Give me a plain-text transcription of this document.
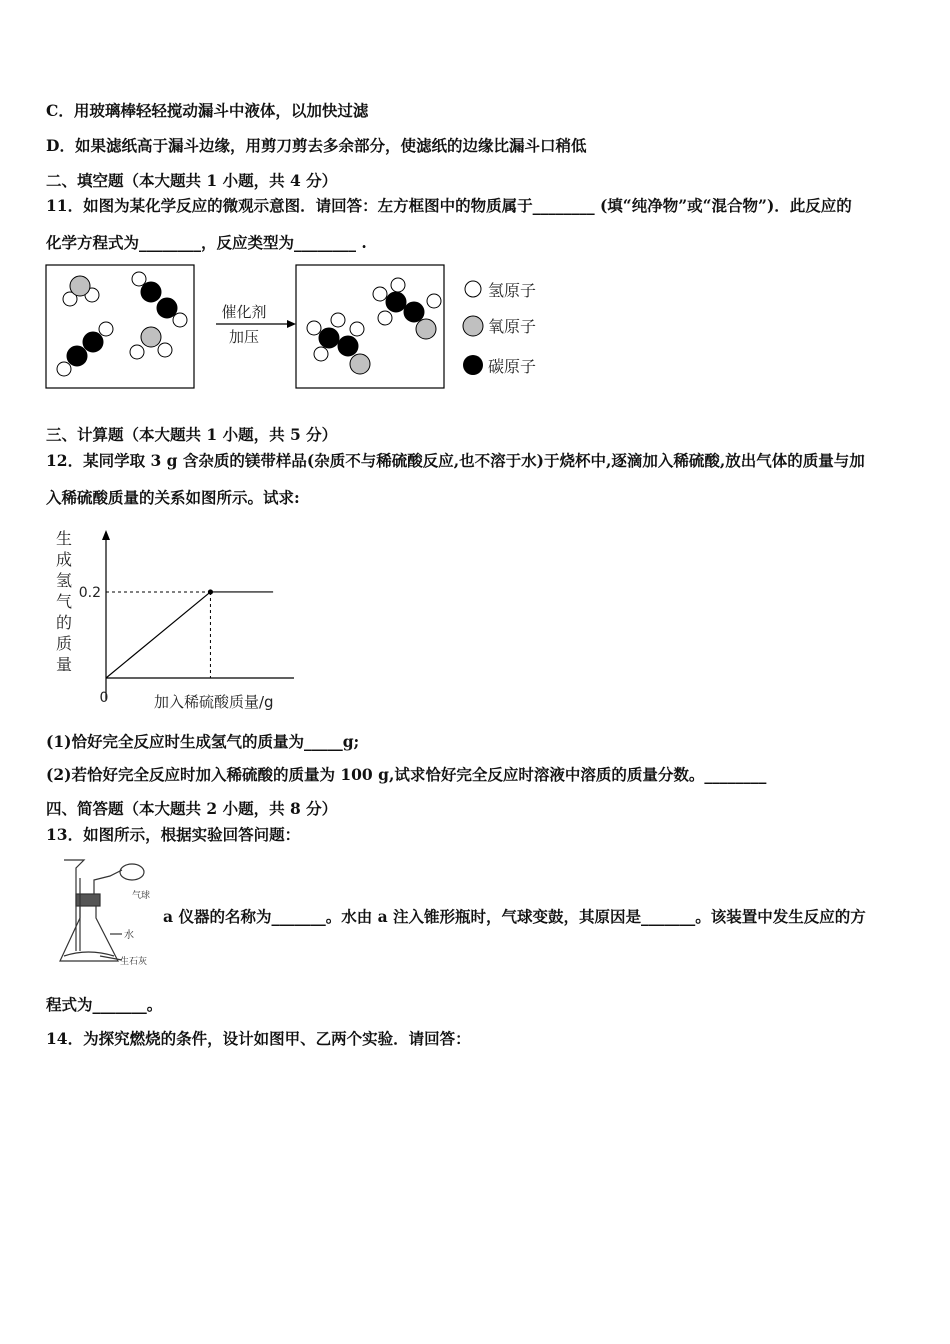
C．用玻璃棒轻轻搅动漏斗中液体，以加快过滤
D．如果滤纸高于漏斗边缘，用剪刀剪去多余部分，使滤纸的边缘比漏斗口稍低
二、填空题（本大题共 1 小题，共 4 分）
11．如图为某化学反应的微观示意图．请回答：左方框图中的物质属于________ (填“纯净物”或“混合物”)．此反应的
化学方程式为________，反应类型为________ .
催化剂
加压
氢原子
氧原子
碳原子
三、计算题（本大题共 1 小题，共 5 分）
12．某同学取 3 g 含杂质的镁带样品(杂质不与稀硫酸反应,也不溶于水)于烧杯中,逐滴加入稀硫酸,放出气体的质量与加
入稀硫酸质量的关系如图所示。试求:
生
成
氢
气
的
质
量
0.2
0	加入稀硫酸质量/g
(1)恰好完全反应时生成氢气的质量为_____g;
(2)若恰好完全反应时加入稀硫酸的质量为 100 g,试求恰好完全反应时溶液中溶质的质量分数。________
四、简答题（本大题共 2 小题，共 8 分）
13．如图所示，根据实验回答问题：
气球
水
生石灰
a 仪器的名称为_______。水由 a 注入锥形瓶时，气球变鼓，其原因是_______。该装置中发生反应的方
程式为_______。
14．为探究燃烧的条件，设计如图甲、乙两个实验．请回答：
